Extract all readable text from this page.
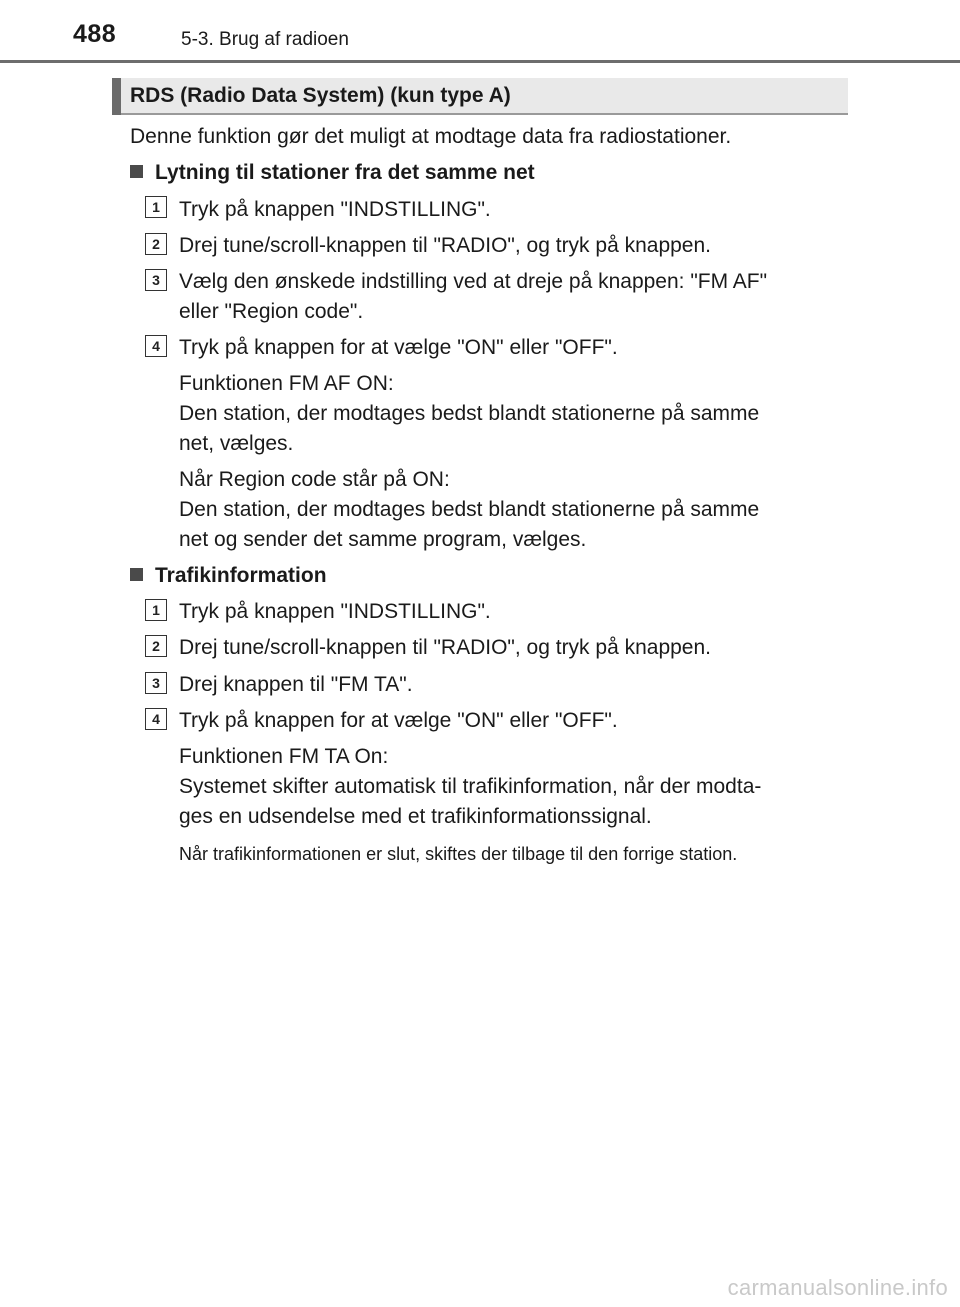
488	5-3. Brug af radioen
RDS (Radio Data System) (kun type A)
Denne funktion gør det muligt at modtage data fra radiostationer.
Lytning til stationer fra det samme net
1 Tryk på knappen "INDSTILLING".
2 Drej tune/scroll-knappen til "RADIO", og tryk på knappen.
3 Vælg den ønskede indstilling ved at dreje på knappen: "FM AF"
eller "Region code".
4 Tryk på knappen for at vælge "ON" eller "OFF".
Funktionen FM AF ON:
Den station, der modtages bedst blandt stationerne på samme
net, vælges.
Når Region code står på ON:
Den station, der modtages bedst blandt stationerne på samme
net og sender det samme program, vælges.
Trafikinformation
1 Tryk på knappen "INDSTILLING".
2 Drej tune/scroll-knappen til "RADIO", og tryk på knappen.
3 Drej knappen til "FM TA".
4 Tryk på knappen for at vælge "ON" eller "OFF".
Funktionen FM TA On:
Systemet skifter automatisk til trafikinformation, når der modta-
ges en udsendelse med et trafikinformationssignal.
Når trafikinformationen er slut, skiftes der tilbage til den forrige station.
carmanualsonline.info
